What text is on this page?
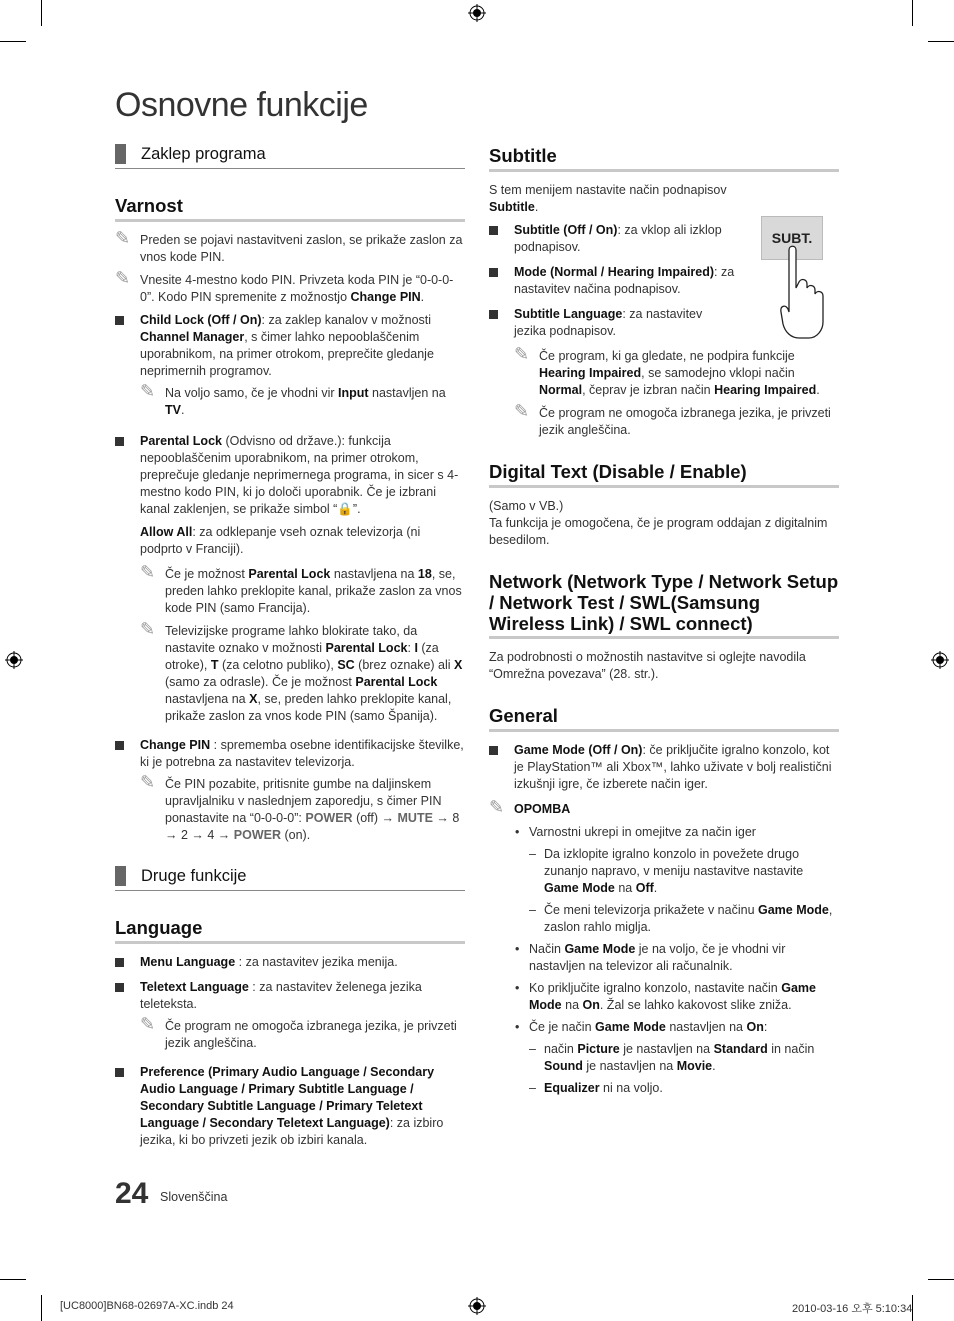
Osnovne funkcije
Zaklep programa
Varnost
✎ Preden se pojavi nastavitveni zaslon, se prikaže zaslon za vnos kode PIN.
✎ Vnesite 4-mestno kodo PIN. Privzeta koda PIN je “0-0-0-0”. Kodo PIN spremenite z možnostjo Change PIN.
Child Lock (Off / On): za zaklep kanalov v možnosti Channel Manager, s čimer lahko nepooblaščenim uporabnikom, na primer otrokom, preprečite gledanje neprimernih programov.
✎ Na voljo samo, če je vhodni vir Input nastavljen na TV.
Parental Lock (Odvisno od države.): funkcija nepooblaščenim uporabnikom, na primer otrokom, preprečuje gledanje neprimernega programa, in sicer s 4-mestno kodo PIN, ki jo določi uporabnik. Če je izbrani kanal zaklenjen, se prikaže simbol “🔒”.

Allow All: za odklepanje vseh oznak televizorja (ni podprto v Franciji).

✎ Če je možnost Parental Lock nastavljena na 18, se, preden lahko preklopite kanal, prikaže zaslon za vnos kode PIN (samo Francija).
✎ Televizijske programe lahko blokirate tako, da nastavite oznako v možnosti Parental Lock: I (za otroke), T (za celotno publiko), SC (brez oznake) ali X (samo za odrasle). Če je možnost Parental Lock nastavljena na X, se, preden lahko preklopite kanal, prikaže zaslon za vnos kode PIN (samo Španija).
Change PIN : sprememba osebne identifikacijske številke, ki je potrebna za nastavitev televizorja.
✎ Če PIN pozabite, pritisnite gumbe na daljinskem upravljalniku v naslednjem zaporedju, s čimer PIN ponastavite na “0-0-0-0”: POWER (off) → MUTE → 8 → 2 → 4 → POWER (on).
Druge funkcije
Language
Menu Language : za nastavitev jezika menija.
Teletext Language : za nastavitev želenega jezika teleteksta.
✎ Če program ne omogoča izbranega jezika, je privzeti jezik angleščina.
Preference (Primary Audio Language / Secondary Audio Language / Primary Subtitle Language / Secondary Subtitle Language / Primary Teletext Language / Secondary Teletext Language): za izbiro jezika, ki bo privzeti jezik ob izbiri kanala.
Subtitle

S tem menijem nastavite način podnapisov Subtitle.

Subtitle (Off / On): za vklop ali izklop podnapisov.
Mode (Normal / Hearing Impaired): za nastavitev načina podnapisov.
Subtitle Language: za nastavitev jezika podnapisov.
SUBT.
✎ Če program, ki ga gledate, ne podpira funkcije Hearing Impaired, se samodejno vklopi način Normal, čeprav je izbran način Hearing Impaired.
✎ Če program ne omogoča izbranega jezika, je privzeti jezik angleščina.
Digital Text (Disable / Enable)

(Samo v VB.)

Ta funkcija je omogočena, če je program oddajan z digitalnim besedilom.

Network (Network Type / Network Setup / Network Test / SWL(Samsung Wireless Link) / SWL connect)

Za podrobnosti o možnostih nastavitve si oglejte navodila “Omrežna povezava” (28. str.).

General
Game Mode (Off / On): če priključite igralno konzolo, kot je PlayStation™ ali Xbox™, lahko uživate v bolj realistični izkušnji igre, če izberete način iger.
✎ OPOMBA
• Varnostni ukrepi in omejitve za način iger
– Da izklopite igralno konzolo in povežete drugo zunanjo napravo, v meniju nastavitve nastavite Game Mode na Off.
– Če meni televizorja prikažete v načinu Game Mode, zaslon rahlo miglja.
• Način Game Mode je na voljo, če je vhodni vir nastavljen na televizor ali računalnik.
• Ko priključite igralno konzolo, nastavite način Game Mode na On. Žal se lahko kakovost slike zniža.
• Če je način Game Mode nastavljen na On:
– način Picture je nastavljen na Standard in način Sound je nastavljen na Movie.
– Equalizer ni na voljo.
24 Slovenščina
[UC8000]BN68-02697A-XC.indb 24	2010-03-16 오후 5:10:34
